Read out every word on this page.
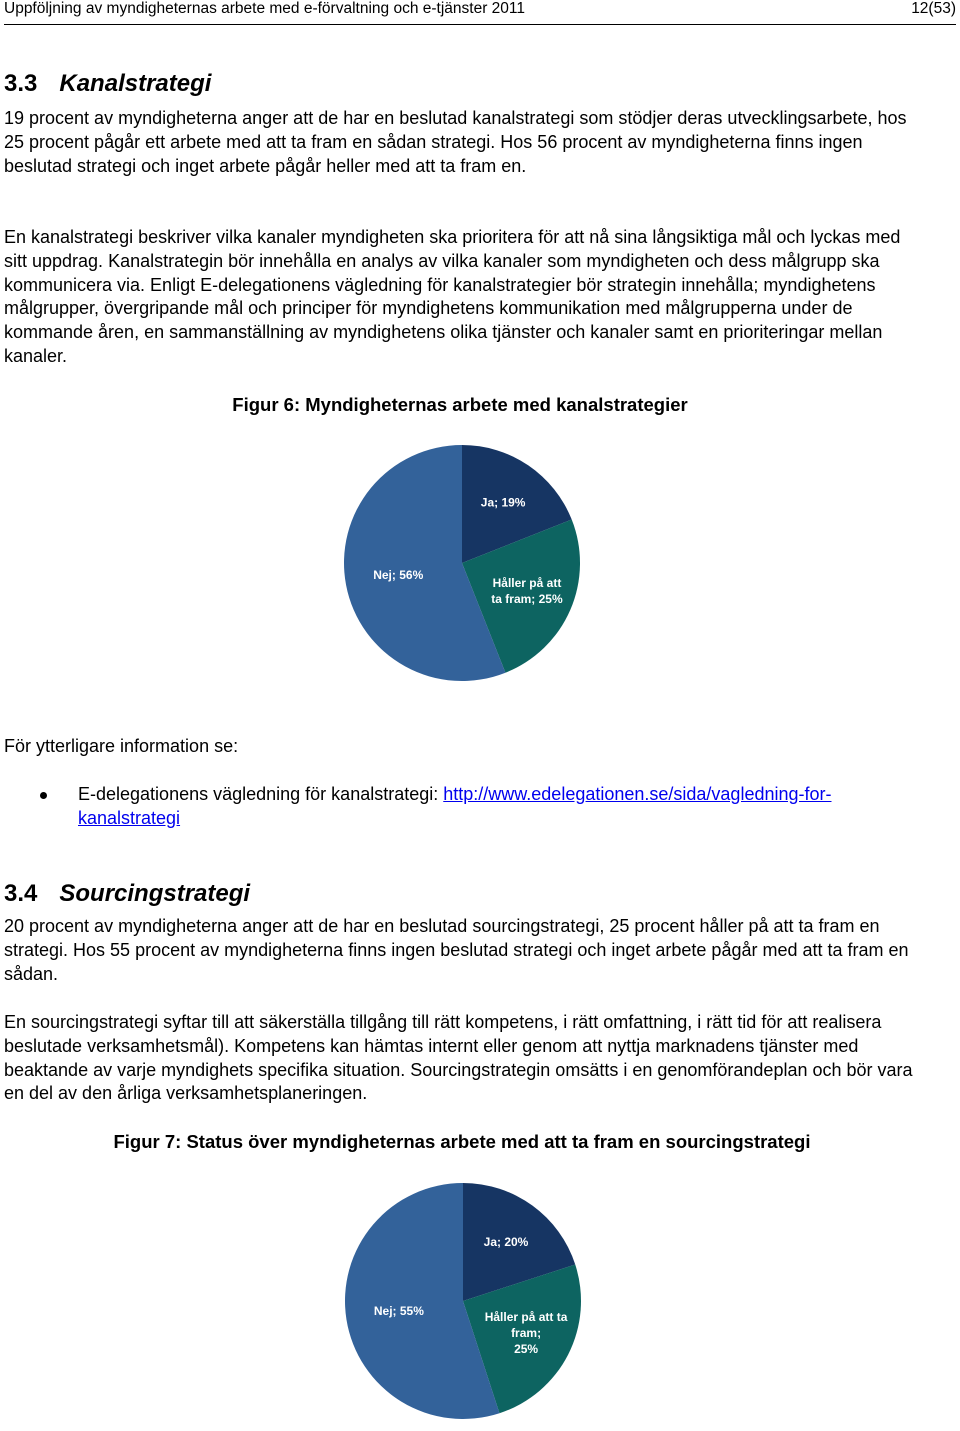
Uppföljning av myndigheternas arbete med e-förvaltning och e-tjänster 2011	12(53)
3.3 Kanalstrategi

19 procent av myndigheterna anger att de har en beslutad kanalstrategi som stödjer deras utvecklingsarbete, hos 25 procent pågår ett arbete med att ta fram en sådan strategi. Hos 56 procent av myndigheterna finns ingen beslutad strategi och inget arbete pågår heller med att ta fram en.

En kanalstrategi beskriver vilka kanaler myndigheten ska prioritera för att nå sina långsiktiga mål och lyckas med sitt uppdrag. Kanalstrategin bör innehålla en analys av vilka kanaler som myndigheten och dess målgrupp ska kommunicera via. Enligt E-delegationens vägledning för kanalstrategier bör strategin innehålla; myndighetens målgrupper, övergripande mål och principer för myndighetens kommunikation med målgrupperna under de kommande åren, en sammanställning av myndighetens olika tjänster och kanaler samt en prioriteringar mellan kanaler.

Figur 6: Myndigheternas arbete med kanalstrategier

Ja; 19%
Håller på att
ta fram; 25%
Nej; 56%

För ytterligare information se:

E-delegationens vägledning för kanalstrategi: http://www.edelegationen.se/sida/vagledning-for-kanalstrategi
3.4 Sourcingstrategi

20 procent av myndigheterna anger att de har en beslutad sourcingstrategi, 25 procent håller på att ta fram en strategi. Hos 55 procent av myndigheterna finns ingen beslutad strategi och inget arbete pågår med att ta fram en sådan.

En sourcingstrategi syftar till att säkerställa tillgång till rätt kompetens, i rätt omfattning, i rätt tid för att realisera beslutade verksamhetsmål). Kompetens kan hämtas internt eller genom att nyttja marknadens tjänster med beaktande av varje myndighets specifika situation. Sourcingstrategin omsätts i en genomförandeplan och bör vara en del av den årliga verksamhetsplaneringen.

Figur 7: Status över myndigheternas arbete med att ta fram en sourcingstrategi

Ja; 20%
Håller på att ta
fram;
25%
Nej; 55%
